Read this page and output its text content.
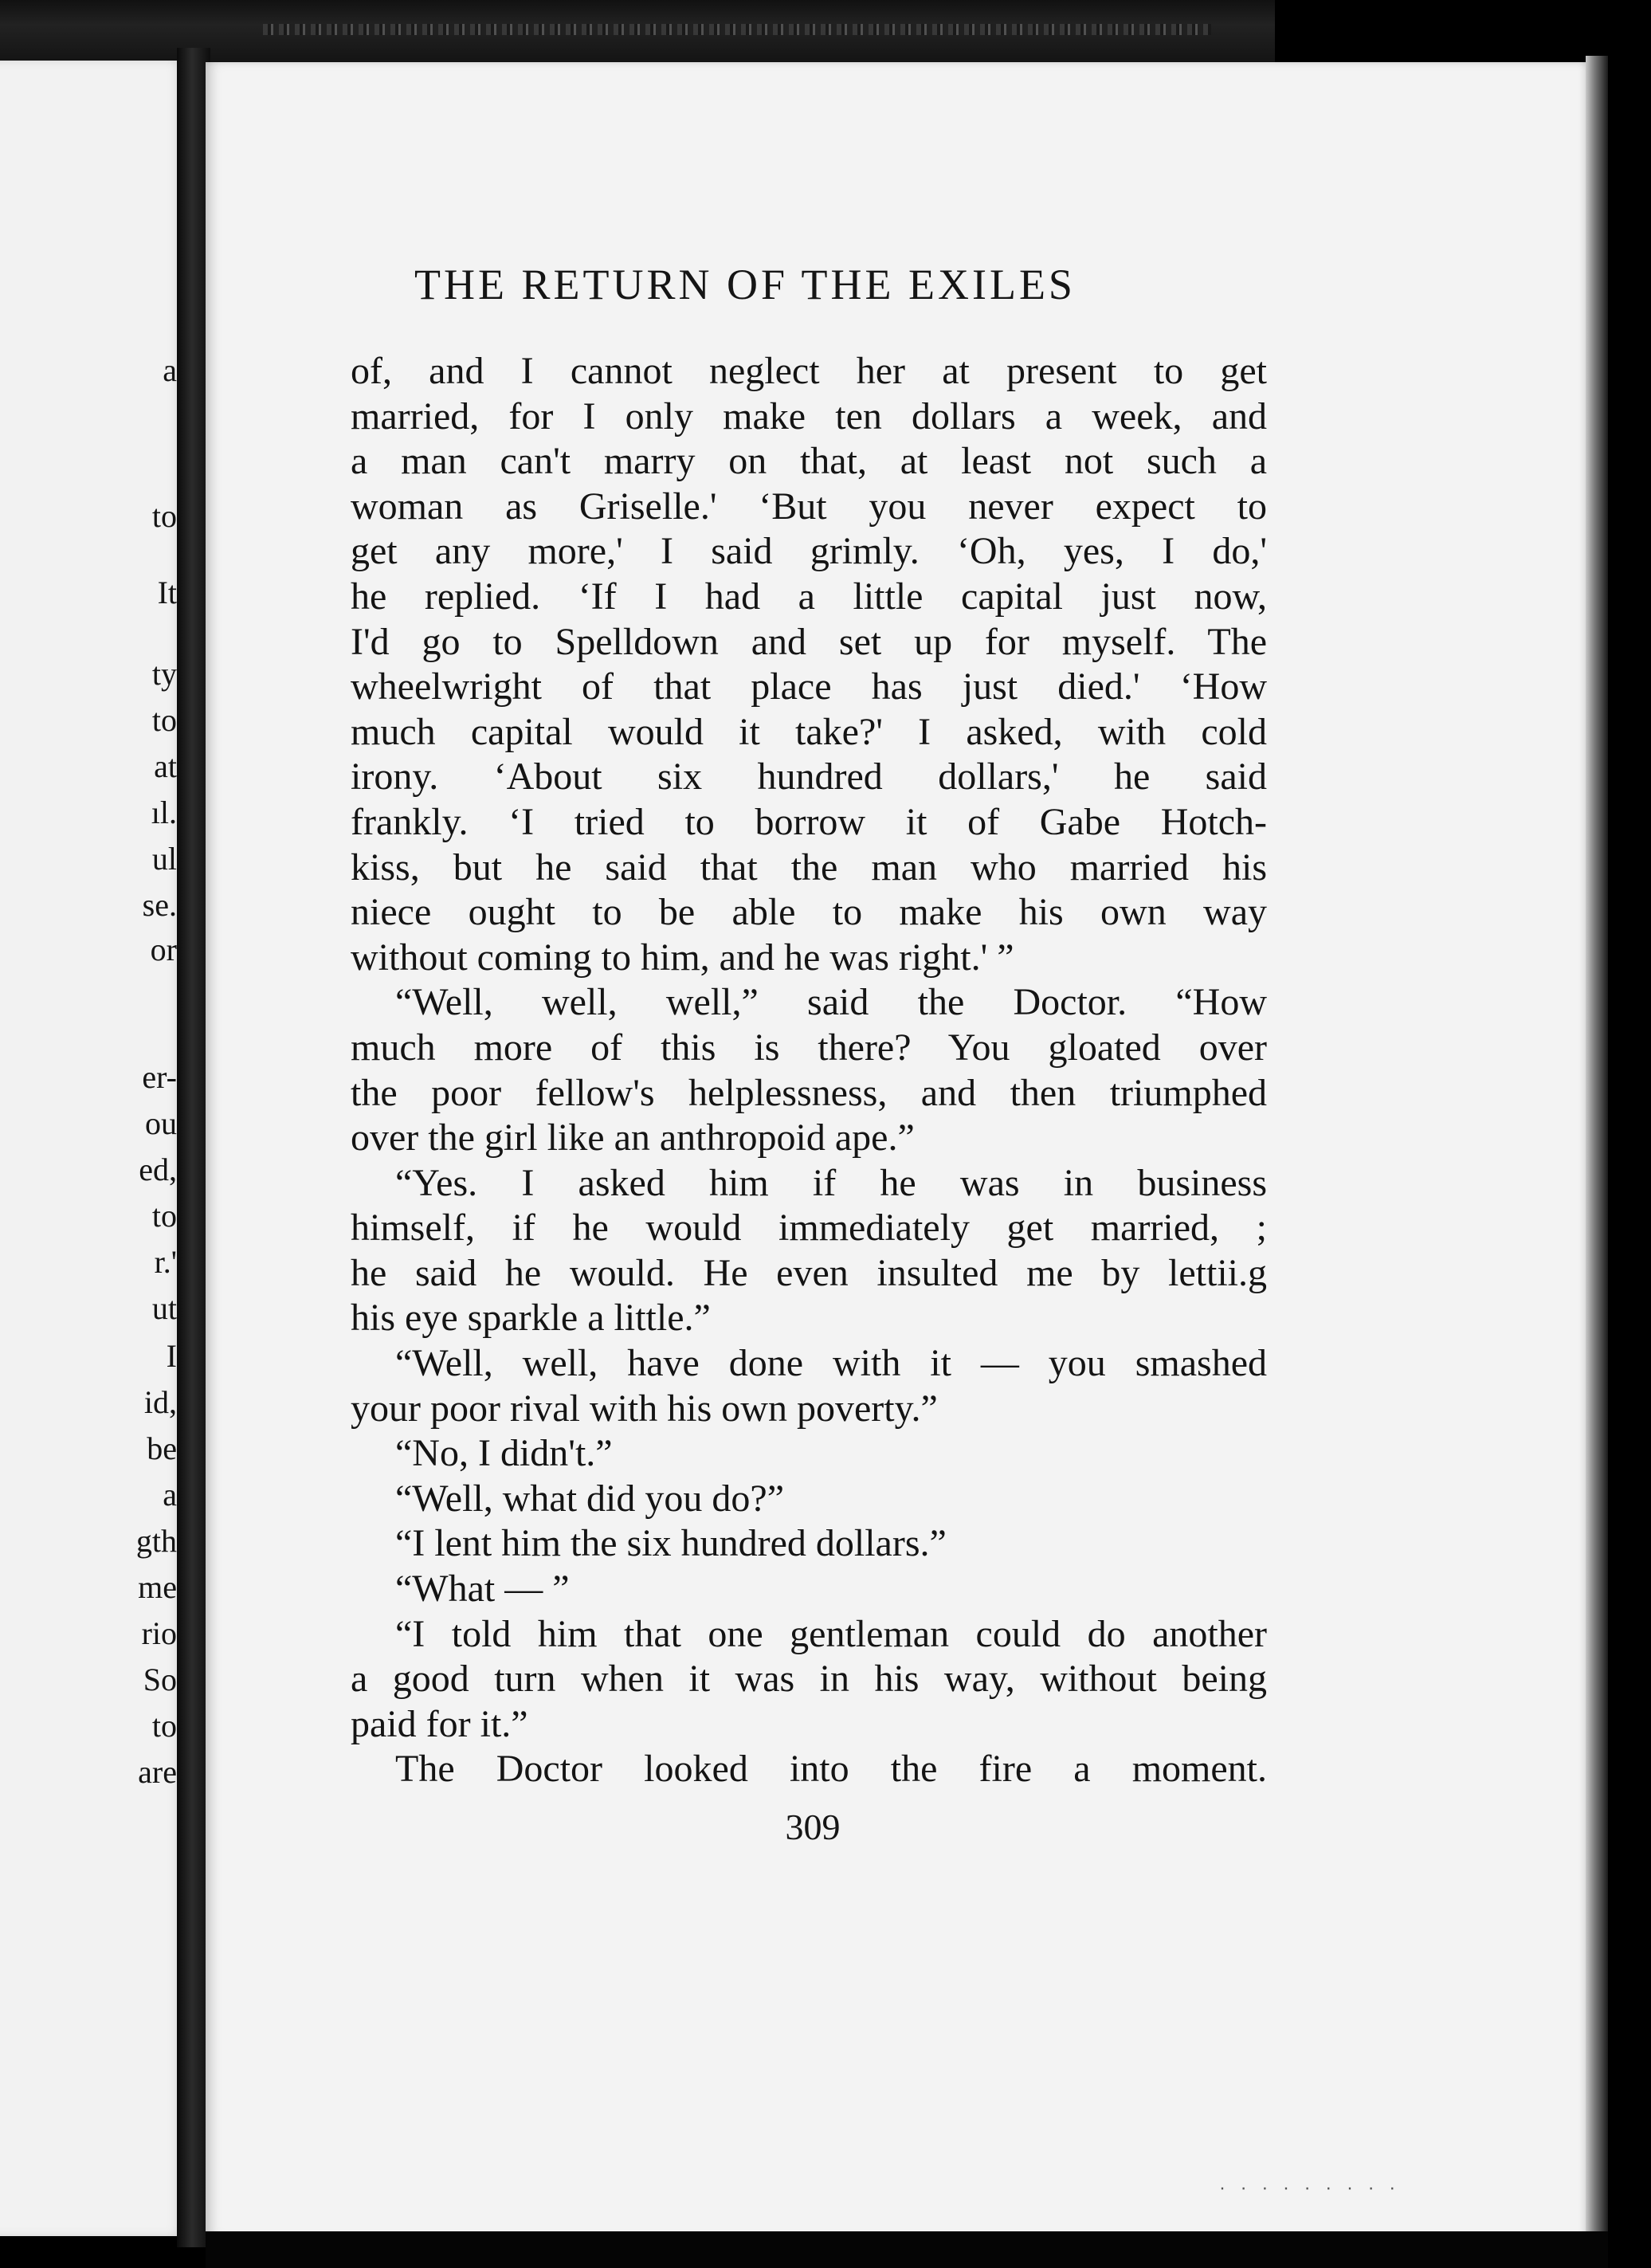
a
to
It
ty
to
at
ıl.
ul
se.
or
er-
ou
ed,
to
r.'
ut
I
id,
be
a
gth
me
rio
So
to
are
THE RETURN OF THE EXILES
of, and I cannot neglect her at present to get
married, for I only make ten dollars a week, and
a man can't marry on that, at least not such a
woman as Griselle.' ‘But you never expect to
get any more,' I said grimly. ‘Oh, yes, I do,'
he replied. ‘If I had a little capital just now,
I'd go to Spelldown and set up for myself. The
wheelwright of that place has just died.' ‘How
much capital would it take?' I asked, with cold
irony. ‘About six hundred dollars,' he said
frankly. ‘I tried to borrow it of Gabe Hotch-
kiss, but he said that the man who married his
niece ought to be able to make his own way
without coming to him, and he was right.' ”
“Well, well, well,” said the Doctor. “How
much more of this is there? You gloated over
the poor fellow's helplessness, and then triumphed
over the girl like an anthropoid ape.”
“Yes. I asked him if he was in business
himself, if he would immediately get married, ;
he said he would. He even insulted me by lettii.g
his eye sparkle a little.”
“Well, well, have done with it — you smashed
your poor rival with his own poverty.”
“No, I didn't.”
“Well, what did you do?”
“I lent him the six hundred dollars.”
“What — ”
“I told him that one gentleman could do another
a good turn when it was in his way, without being
paid for it.”
The Doctor looked into the fire a moment.
309
· · · · · · · · ·
